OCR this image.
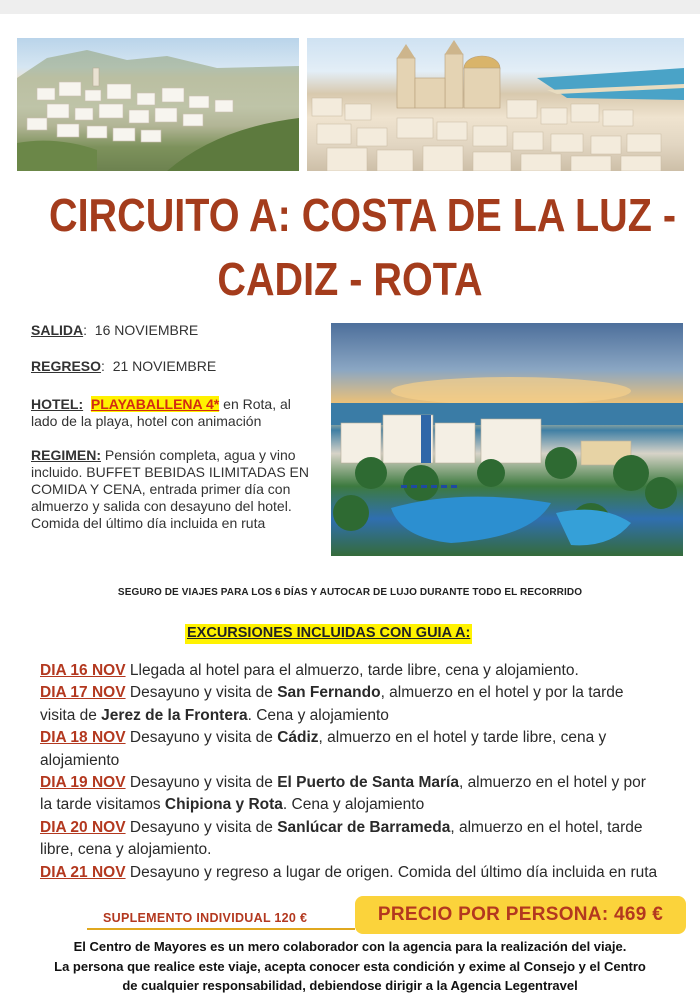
CIRCUITO A: COSTA DE LA LUZ -
CADIZ - ROTA
SALIDA:  16 NOVIEMBRE
REGRESO:  21 NOVIEMBRE
HOTEL: PLAYABALLENA 4* en Rota, al lado de la playa, hotel con animación
REGIMEN: Pensión completa, agua y vino incluido. BUFFET BEBIDAS ILIMITADAS EN COMIDA Y CENA, entrada primer día con almuerzo y salida con desayuno del hotel. Comida del último día incluida en ruta
SEGURO DE VIAJES PARA LOS 6 DÍAS Y AUTOCAR DE LUJO DURANTE TODO EL RECORRIDO
EXCURSIONES INCLUIDAS CON GUIA A:
DIA 16 NOV Llegada al hotel para el almuerzo, tarde libre, cena y alojamiento.
DIA 17 NOV Desayuno y visita de San Fernando, almuerzo en el hotel y por la tarde visita de Jerez de la Frontera. Cena y alojamiento
DIA 18 NOV Desayuno y visita de Cádiz, almuerzo en el hotel y tarde libre, cena y alojamiento
DIA 19 NOV Desayuno y visita de El Puerto de Santa María, almuerzo en el hotel y por la tarde visitamos Chipiona y Rota. Cena y alojamiento
DIA 20 NOV Desayuno y visita de Sanlúcar de Barrameda, almuerzo en el hotel, tarde libre, cena y alojamiento.
DIA 21 NOV Desayuno y regreso a lugar de origen. Comida del último día incluida en ruta
SUPLEMENTO INDIVIDUAL 120 €	PRECIO POR PERSONA: 469 €
El Centro de Mayores es un mero colaborador con la agencia para la realización del viaje.
La persona que realice este viaje, acepta conocer esta condición y exime al Consejo y el Centro
de cualquier responsabilidad, debiendose dirigir a la Agencia Legentravel
